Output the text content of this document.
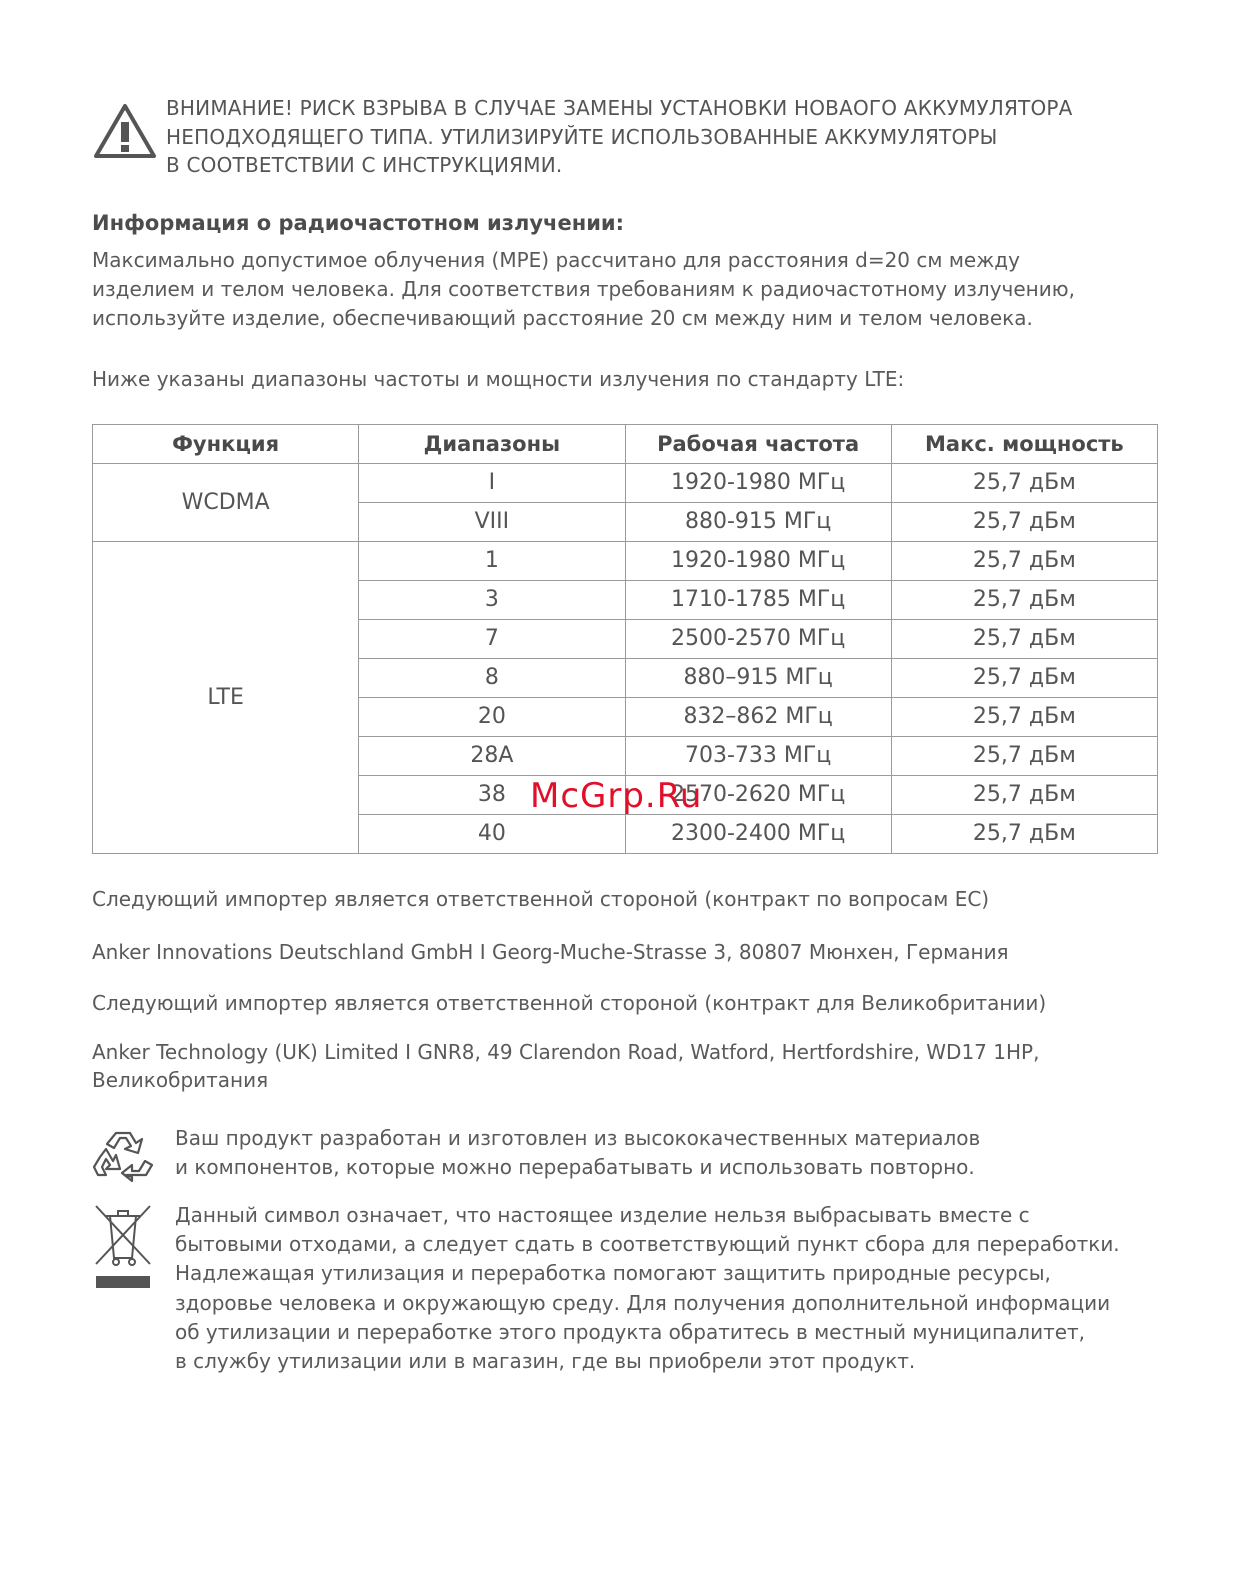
ВНИМАНИЕ! РИСК ВЗРЫВА В СЛУЧАЕ ЗАМЕНЫ УСТАНОВКИ НОВАОГО АККУМУЛЯТОРА
НЕПОДХОДЯЩЕГО ТИПА. УТИЛИЗИРУЙТЕ ИСПОЛЬЗОВАННЫЕ АККУМУЛЯТОРЫ
В СООТВЕТСТВИИ С ИНСТРУКЦИЯМИ.
Информация о радиочастотном излучении:
Максимально допустимое облучения (MPE) рассчитано для расстояния d=20 см между
изделием и телом человека. Для соответствия требованиям к радиочастотному излучению,
используйте изделие, обеспечивающий расстояние 20 см между ним и телом человека.
Ниже указаны диапазоны частоты и мощности излучения по стандарту LTE:
Функция	Диапазоны	Рабочая частота	Макс. мощность
WCDMA	I	1920-1980 МГц	25,7 дБм
	VIII	880-915 МГц	25,7 дБм
LTE	1	1920-1980 МГц	25,7 дБм
	3	1710-1785 МГц	25,7 дБм
	7	2500-2570 МГц	25,7 дБм
	8	880–915 МГц	25,7 дБм
	20	832–862 МГц	25,7 дБм
	28A	703-733 МГц	25,7 дБм
	38	2570-2620 МГц	25,7 дБм
	40	2300-2400 МГц	25,7 дБм
McGrp.Ru
Следующий импортер является ответственной стороной (контракт по вопросам ЕС)
Anker Innovations Deutschland GmbH I Georg-Muche-Strasse 3, 80807 Мюнхен, Германия
Следующий импортер является ответственной стороной (контракт для Великобритании)
Anker Technology (UK) Limited I GNR8, 49 Clarendon Road, Watford, Hertfordshire, WD17 1HP,
Великобритания
Ваш продукт разработан и изготовлен из высококачественных материалов
и компонентов, которые можно перерабатывать и использовать повторно.
Данный символ означает, что настоящее изделие нельзя выбрасывать вместе с
бытовыми отходами, а следует сдать в соответствующий пункт сбора для переработки.
Надлежащая утилизация и переработка помогают защитить природные ресурсы,
здоровье человека и окружающую среду. Для получения дополнительной информации
об утилизации и переработке этого продукта обратитесь в местный муниципалитет,
в службу утилизации или в магазин, где вы приобрели этот продукт.
